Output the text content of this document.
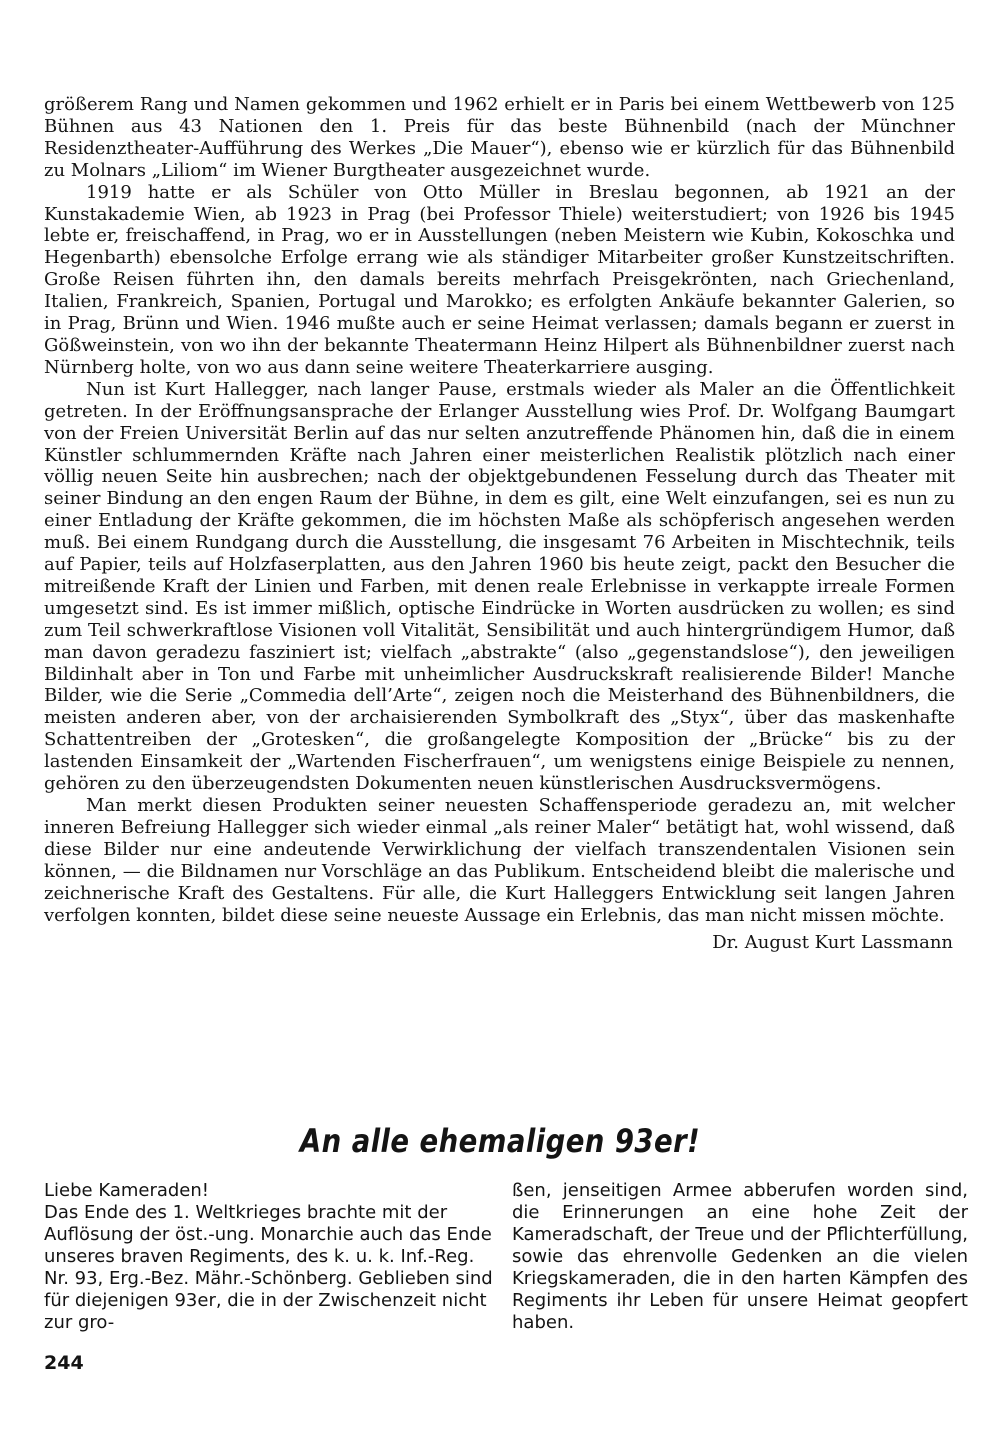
größerem Rang und Namen gekommen und 1962 erhielt er in Paris bei einem Wettbewerb von 125 Bühnen aus 43 Nationen den 1. Preis für das beste Bühnenbild (nach der Münchner Residenztheater-Aufführung des Werkes „Die Mauer“), ebenso wie er kürzlich für das Bühnenbild zu Molnars „Liliom“ im Wiener Burgtheater ausgezeichnet wurde.

1919 hatte er als Schüler von Otto Müller in Breslau begonnen, ab 1921 an der Kunstakademie Wien, ab 1923 in Prag (bei Professor Thiele) weiterstudiert; von 1926 bis 1945 lebte er, freischaffend, in Prag, wo er in Ausstellungen (neben Meistern wie Kubin, Kokoschka und Hegenbarth) ebensolche Erfolge errang wie als ständiger Mitarbeiter großer Kunstzeitschriften. Große Reisen führten ihn, den damals bereits mehrfach Preisgekrönten, nach Griechenland, Italien, Frankreich, Spanien, Portugal und Marokko; es erfolgten Ankäufe bekannter Galerien, so in Prag, Brünn und Wien. 1946 mußte auch er seine Heimat verlassen; damals begann er zuerst in Gößweinstein, von wo ihn der bekannte Theatermann Heinz Hilpert als Bühnenbildner zuerst nach Nürnberg holte, von wo aus dann seine weitere Theaterkarriere ausging.

Nun ist Kurt Hallegger, nach langer Pause, erstmals wieder als Maler an die Öffentlichkeit getreten. In der Eröffnungsansprache der Erlanger Ausstellung wies Prof. Dr. Wolfgang Baumgart von der Freien Universität Berlin auf das nur selten anzutreffende Phänomen hin, daß die in einem Künstler schlummernden Kräfte nach Jahren einer meisterlichen Realistik plötzlich nach einer völlig neuen Seite hin ausbrechen; nach der objektgebundenen Fesselung durch das Theater mit seiner Bindung an den engen Raum der Bühne, in dem es gilt, eine Welt einzufangen, sei es nun zu einer Entladung der Kräfte gekommen, die im höchsten Maße als schöpferisch angesehen werden muß. Bei einem Rundgang durch die Ausstellung, die insgesamt 76 Arbeiten in Mischtechnik, teils auf Papier, teils auf Holzfaserplatten, aus den Jahren 1960 bis heute zeigt, packt den Besucher die mitreißende Kraft der Linien und Farben, mit denen reale Erlebnisse in verkappte irreale Formen umgesetzt sind. Es ist immer mißlich, optische Eindrücke in Worten ausdrücken zu wollen; es sind zum Teil schwerkraftlose Visionen voll Vitalität, Sensibilität und auch hintergründigem Humor, daß man davon geradezu fasziniert ist; vielfach „abstrakte“ (also „gegenstandslose“), den jeweiligen Bildinhalt aber in Ton und Farbe mit unheimlicher Ausdruckskraft realisierende Bilder! Manche Bilder, wie die Serie „Commedia dell’Arte“, zeigen noch die Meisterhand des Bühnenbildners, die meisten anderen aber, von der archaisierenden Symbolkraft des „Styx“, über das maskenhafte Schattentreiben der „Grotesken“, die großangelegte Komposition der „Brücke“ bis zu der lastenden Einsamkeit der „Wartenden Fischerfrauen“, um wenigstens einige Beispiele zu nennen, gehören zu den überzeugendsten Dokumenten neuen künstlerischen Ausdrucksvermögens.

Man merkt diesen Produkten seiner neuesten Schaffensperiode geradezu an, mit welcher inneren Befreiung Hallegger sich wieder einmal „als reiner Maler“ betätigt hat, wohl wissend, daß diese Bilder nur eine andeutende Verwirklichung der vielfach transzendentalen Visionen sein können, — die Bildnamen nur Vorschläge an das Publikum. Entscheidend bleibt die malerische und zeichnerische Kraft des Gestaltens. Für alle, die Kurt Halleggers Entwicklung seit langen Jahren verfolgen konnten, bildet diese seine neueste Aussage ein Erlebnis, das man nicht missen möchte.

Dr. August Kurt Lassmann
An alle ehemaligen 93er!

Liebe Kameraden!

Das Ende des 1. Weltkrieges brachte mit der Auflösung der öst.-ung. Monarchie auch das Ende unseres braven Regiments, des k. u. k. Inf.-Reg. Nr. 93, Erg.-Bez. Mähr.-Schönberg. Geblieben sind für diejenigen 93er, die in der Zwischenzeit nicht zur gro-

ßen, jenseitigen Armee abberufen worden sind, die Erinnerungen an eine hohe Zeit der Kameradschaft, der Treue und der Pflichterfüllung, sowie das ehrenvolle Gedenken an die vielen Kriegskameraden, die in den harten Kämpfen des Regiments ihr Leben für unsere Heimat geopfert haben.

244
